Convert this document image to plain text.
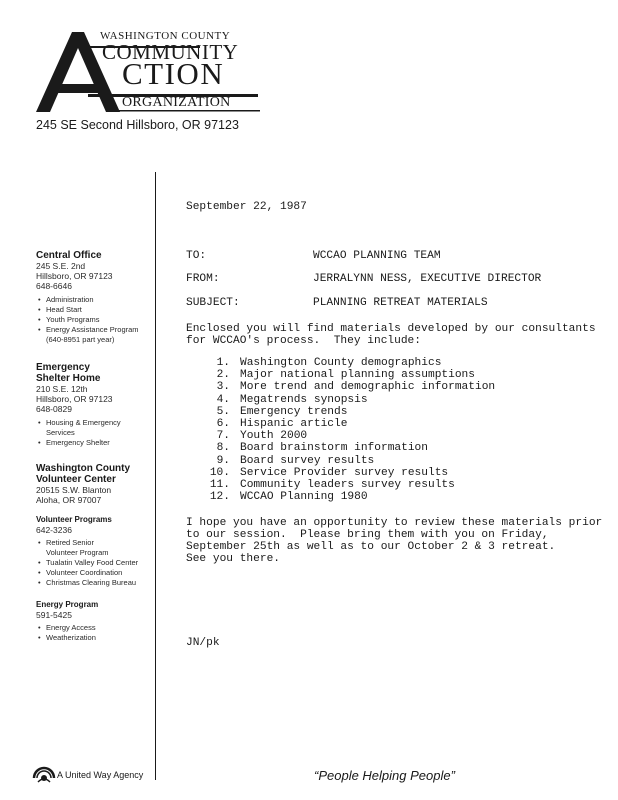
WASHINGTON COUNTY
COMMUNITY
CTION
ORGANIZATION
245 SE Second Hillsboro, OR 97123
Central Office
245 S.E. 2nd
Hillsboro, OR 97123
648-6646
• Administration
• Head Start
• Youth Programs
• Energy Assistance Program
(640-8951 part year)
Emergency
Shelter Home
210 S.E. 12th
Hillsboro, OR 97123
648-0829
• Housing & Emergency
Services
• Emergency Shelter
Washington County
Volunteer Center
20515 S.W. Blanton
Aloha, OR 97007
Volunteer Programs
642-3236
• Retired Senior
Volunteer Program
• Tualatin Valley Food Center
• Volunteer Coordination
• Christmas Clearing Bureau
Energy Program
591-5425
• Energy Access
• Weatherization
September 22, 1987
TO:	WCCAO PLANNING TEAM
FROM:	JERRALYNN NESS, EXECUTIVE DIRECTOR
SUBJECT:	PLANNING RETREAT MATERIALS
Enclosed you will find materials developed by our consultants
for WCCAO's process.  They include:
1. Washington County demographics
2. Major national planning assumptions
3. More trend and demographic information
4. Megatrends synopsis
5. Emergency trends
6. Hispanic article
7. Youth 2000
8. Board brainstorm information
9. Board survey results
10. Service Provider survey results
11. Community leaders survey results
12. WCCAO Planning 1980
I hope you have an opportunity to review these materials prior
to our session.  Please bring them with you on Friday,
September 25th as well as to our October 2 & 3 retreat.
See you there.
JN/pk
A United Way Agency	“People Helping People”
